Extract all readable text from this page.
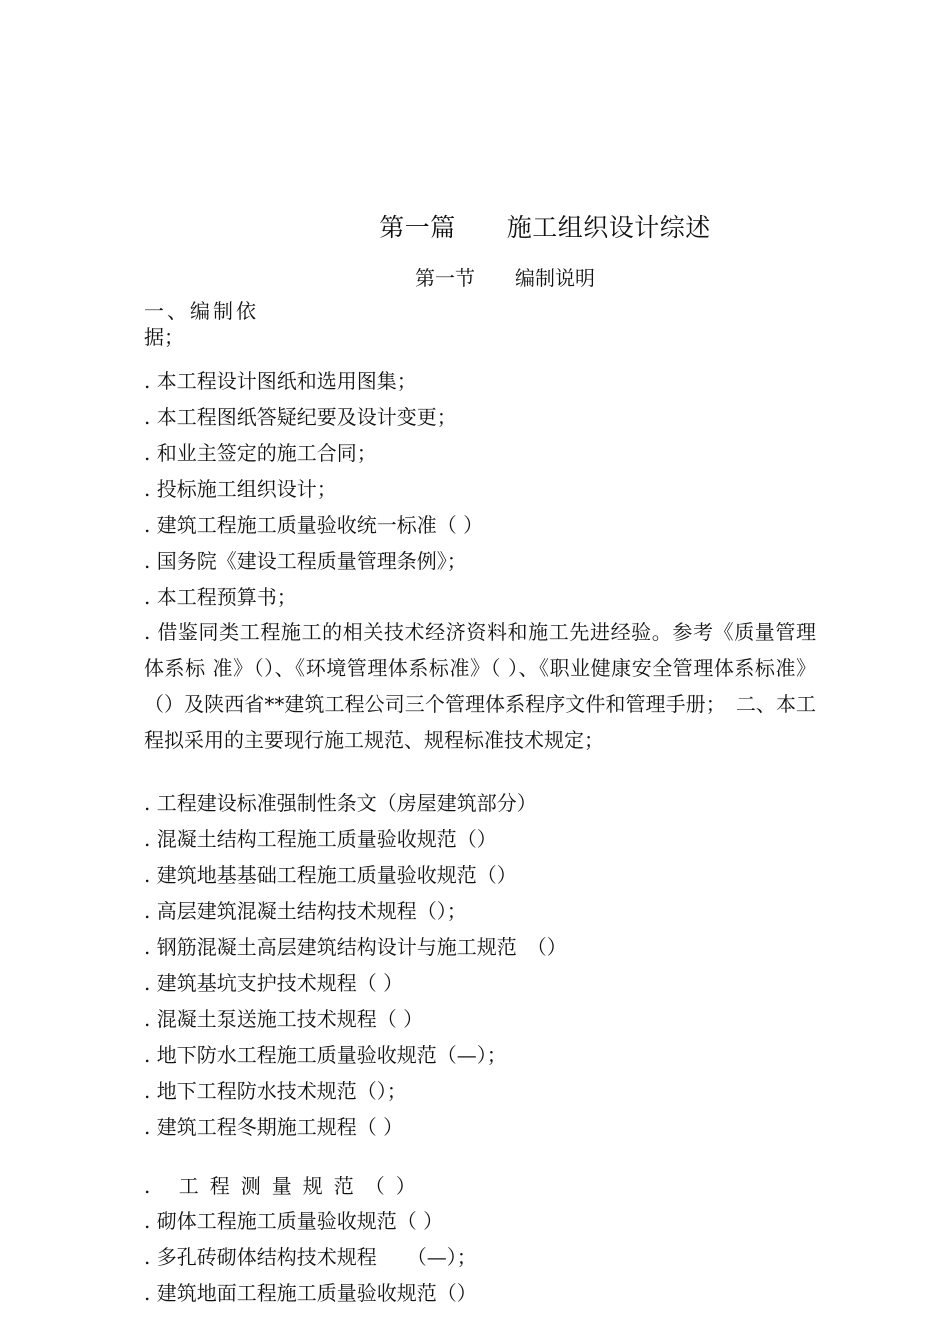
第一篇　　施工组织设计综述
第一节　　编制说明
一、编制依
据；
. 本工程设计图纸和选用图集；
. 本工程图纸答疑纪要及设计变更；
. 和业主签定的施工合同；
. 投标施工组织设计；
. 建筑工程施工质量验收统一标准（ ）
. 国务院《建设工程质量管理条例》；
. 本工程预算书；
. 借鉴同类工程施工的相关技术经济资料和施工先进经验。参考《质量管理体系标 准》（）、《环境管理体系标准》（ ）、《职业健康安全管理体系标准》（）及陕西省**建筑工程公司三个管理体系程序文件和管理手册；　二、本工程拟采用的主要现行施工规范、规程标准技术规定；
. 工程建设标准强制性条文（房屋建筑部分）
. 混凝土结构工程施工质量验收规范（）
. 建筑地基基础工程施工质量验收规范（）
. 高层建筑混凝土结构技术规程（）；
. 钢筋混凝土高层建筑结构设计与施工规范　（）
. 建筑基坑支护技术规程（ ）
. 混凝土泵送施工技术规程（ ）
. 地下防水工程施工质量验收规范（—）；
. 地下工程防水技术规范（）；
. 建筑工程冬期施工规程（ ）
. 工程测量规范（）
. 砌体工程施工质量验收规范（ ）
. 多孔砖砌体结构技术规程　　（—）；
. 建筑地面工程施工质量验收规范（）
